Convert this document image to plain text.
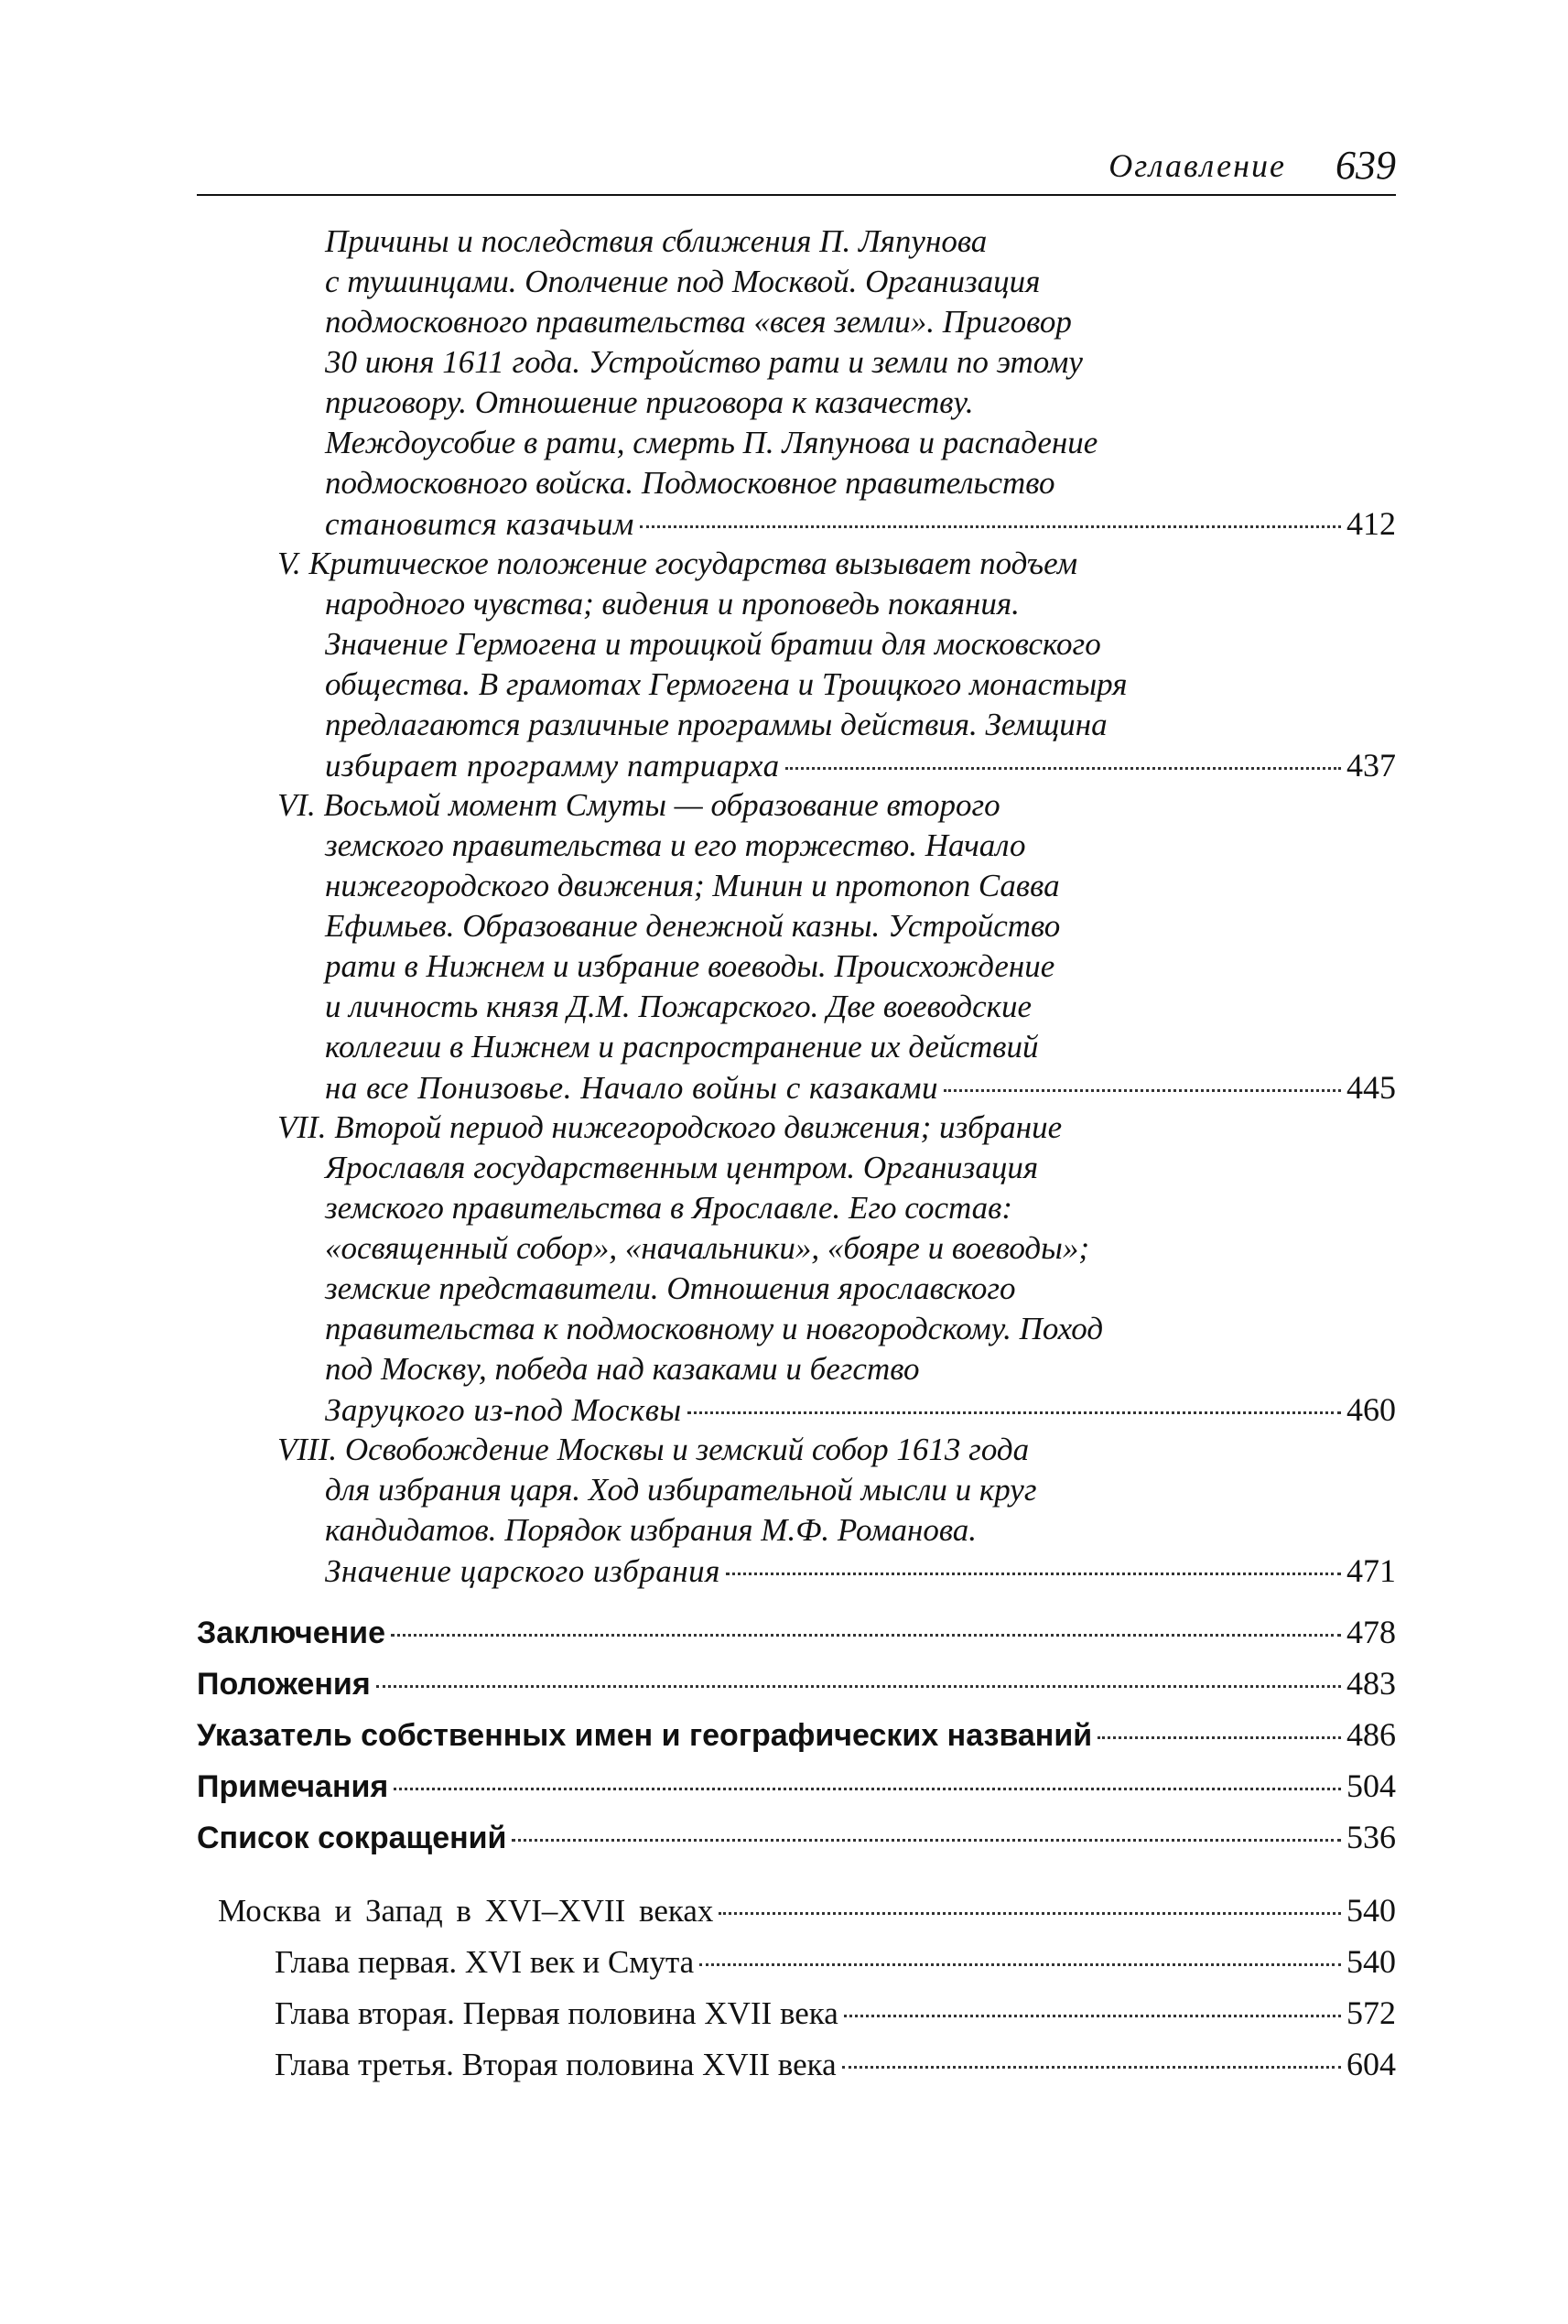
Оглавление 639
Причины и последствия сближения П. Ляпунова
с тушинцами. Ополчение под Москвой. Организация
подмосковного правительства «всея земли». Приговор
30 июня 1611 года. Устройство рати и земли по этому
приговору. Отношение приговора к казачеству.
Междоусобие в рати, смерть П. Ляпунова и распадение
подмосковного войска. Подмосковное правительство
становится казачьим	412
V. Критическое положение государства вызывает подъем
народного чувства; видения и проповедь покаяния.
Значение Гермогена и троицкой братии для московского
общества. В грамотах Гермогена и Троицкого монастыря
предлагаются различные программы действия. Земщина
избирает программу патриарха	437
VI. Восьмой момент Смуты — образование второго
земского правительства и его торжество. Начало
нижегородского движения; Минин и протопоп Савва
Ефимьев. Образование денежной казны. Устройство
рати в Нижнем и избрание воеводы. Происхождение
и личность князя Д.М. Пожарского. Две воеводские
коллегии в Нижнем и распространение их действий
на все Понизовье. Начало войны с казаками	445
VII. Второй период нижегородского движения; избрание
Ярославля государственным центром. Организация
земского правительства в Ярославле. Его состав:
«освященный собор», «начальники», «бояре и воеводы»;
земские представители. Отношения ярославского
правительства к подмосковному и новгородскому. Поход
под Москву, победа над казаками и бегство
Заруцкого из-под Москвы	460
VIII. Освобождение Москвы и земский собор 1613 года
для избрания царя. Ход избирательной мысли и круг
кандидатов. Порядок избрания М.Ф. Романова.
Значение царского избрания	471
Заключение	478
Положения	483
Указатель собственных имен и географических названий	486
Примечания	504
Список сокращений	536
Москва и Запад в XVI–XVII веках	540
Глава первая. XVI век и Смута	540
Глава вторая. Первая половина XVII века	572
Глава третья. Вторая половина XVII века	604
